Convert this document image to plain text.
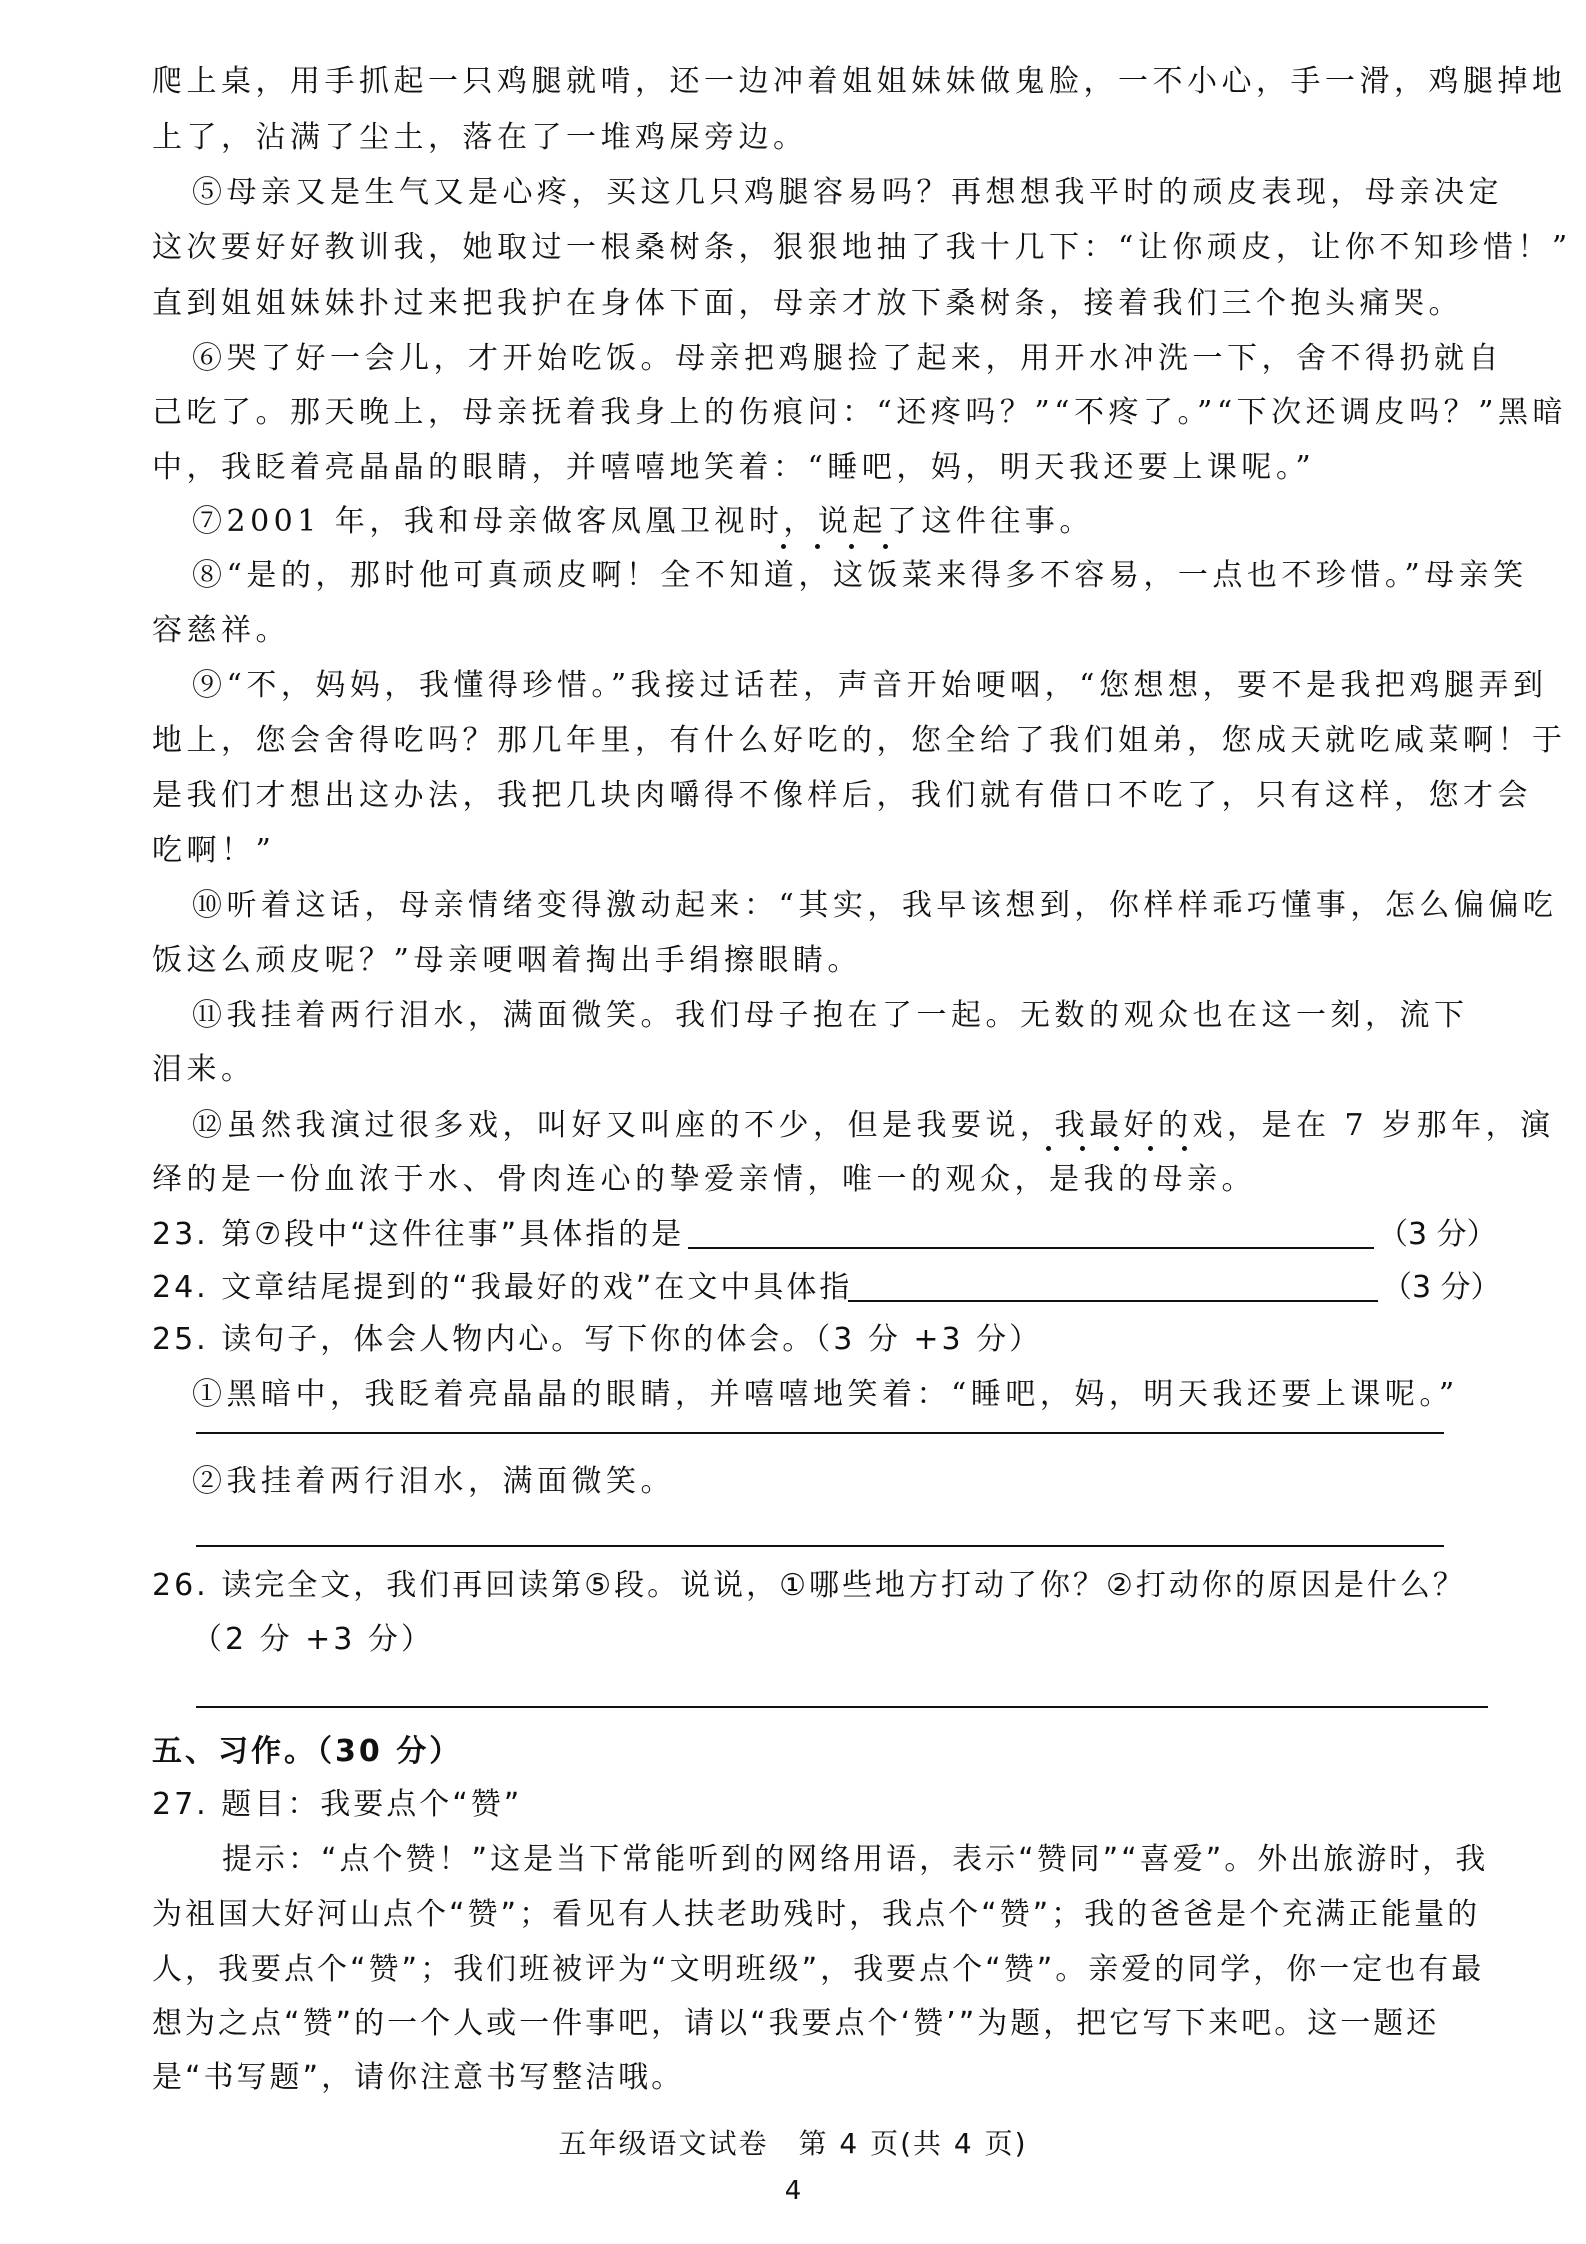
爬上桌，用手抓起一只鸡腿就啃，还一边冲着姐姐妹妹做鬼脸，一不小心，手一滑，鸡腿掉地
上了，沾满了尘土，落在了一堆鸡屎旁边。
⑤母亲又是生气又是心疼，买这几只鸡腿容易吗？再想想我平时的顽皮表现，母亲决定
这次要好好教训我，她取过一根桑树条，狠狠地抽了我十几下：“让你顽皮，让你不知珍惜！”
直到姐姐妹妹扑过来把我护在身体下面，母亲才放下桑树条，接着我们三个抱头痛哭。
⑥哭了好一会儿，才开始吃饭。母亲把鸡腿捡了起来，用开水冲洗一下，舍不得扔就自
己吃了。那天晚上，母亲抚着我身上的伤痕问：“还疼吗？”“不疼了。”“下次还调皮吗？”黑暗
中，我眨着亮晶晶的眼睛，并嘻嘻地笑着：“睡吧，妈，明天我还要上课呢。”
⑦2001 年，我和母亲做客凤凰卫视时，说起了这件往事。
⑧“是的，那时他可真顽皮啊！全不知道，这饭菜来得多不容易，一点也不珍惜。”母亲笑
容慈祥。
⑨“不，妈妈，我懂得珍惜。”我接过话茬，声音开始哽咽，“您想想，要不是我把鸡腿弄到
地上，您会舍得吃吗？那几年里，有什么好吃的，您全给了我们姐弟，您成天就吃咸菜啊！于
是我们才想出这办法，我把几块肉嚼得不像样后，我们就有借口不吃了，只有这样，您才会
吃啊！”
⑩听着这话，母亲情绪变得激动起来：“其实，我早该想到，你样样乖巧懂事，怎么偏偏吃
饭这么顽皮呢？”母亲哽咽着掏出手绢擦眼睛。
⑪我挂着两行泪水，满面微笑。我们母子抱在了一起。无数的观众也在这一刻，流下
泪来。
⑫虽然我演过很多戏，叫好又叫座的不少，但是我要说，我最好的戏，是在 7 岁那年，演
绎的是一份血浓于水、骨肉连心的挚爱亲情，唯一的观众，是我的母亲。
23. 第⑦段中“这件往事”具体指的是	（3 分）
24. 文章结尾提到的“我最好的戏”在文中具体指	（3 分）
25. 读句子，体会人物内心。写下你的体会。（3 分 +3 分）
①黑暗中，我眨着亮晶晶的眼睛，并嘻嘻地笑着：“睡吧，妈，明天我还要上课呢。”
②我挂着两行泪水，满面微笑。
26. 读完全文，我们再回读第⑤段。说说，①哪些地方打动了你？②打动你的原因是什么？
（2 分 +3 分）
五、习作。（30 分）
27. 题目：我要点个“赞”
提示：“点个赞！”这是当下常能听到的网络用语，表示“赞同”“喜爱”。外出旅游时，我
为祖国大好河山点个“赞”；看见有人扶老助残时，我点个“赞”；我的爸爸是个充满正能量的
人，我要点个“赞”；我们班被评为“文明班级”，我要点个“赞”。亲爱的同学，你一定也有最
想为之点“赞”的一个人或一件事吧，请以“我要点个‘赞’”为题，把它写下来吧。这一题还
是“书写题”，请你注意书写整洁哦。
五年级语文试卷　第 4 页(共 4 页)
4
